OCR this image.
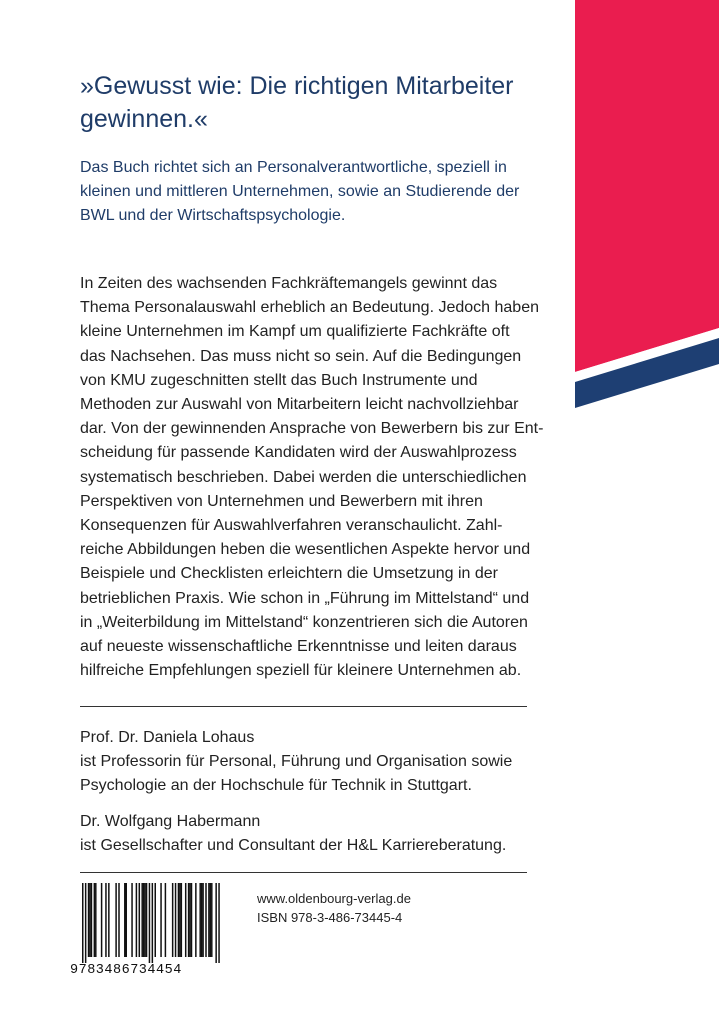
»Gewusst wie: Die richtigen Mitarbeiter
gewinnen.«
Das Buch richtet sich an Personalverantwortliche, speziell in
kleinen und mittleren Unternehmen, sowie an Studierende der
BWL und der Wirtschaftspsychologie.

In Zeiten des wachsenden Fachkräftemangels gewinnt das

Thema Personalauswahl erheblich an Bedeutung. Jedoch haben

kleine Unternehmen im Kampf um qualifizierte Fachkräfte oft

das Nachsehen. Das muss nicht so sein. Auf die Bedingungen

von KMU zugeschnitten stellt das Buch Instrumente und

Methoden zur Auswahl von Mitarbeitern leicht nachvollziehbar

dar. Von der gewinnenden Ansprache von Bewerbern bis zur Ent-

scheidung für passende Kandidaten wird der Auswahlprozess

systematisch beschrieben. Dabei werden die unterschiedlichen

Perspektiven von Unternehmen und Bewerbern mit ihren

Konsequenzen für Auswahlverfahren veranschaulicht. Zahl-

reiche Abbildungen heben die wesentlichen Aspekte hervor und

Beispiele und Checklisten erleichtern die Umsetzung in der

betrieblichen Praxis. Wie schon in „Führung im Mittelstand“ und

in „Weiterbildung im Mittelstand“ konzentrieren sich die Autoren

auf neueste wissenschaftliche Erkenntnisse und leiten daraus

hilfreiche Empfehlungen speziell für kleinere Unternehmen ab.

Prof. Dr. Daniela Lohaus

ist Professorin für Personal, Führung und Organisation sowie

Psychologie an der Hochschule für Technik in Stuttgart.

Dr. Wolfgang Habermann

ist Gesellschafter und Consultant der H&L Karriereberatung.

9783486734454
www.oldenbourg-verlag.de
ISBN 978-3-486-73445-4
